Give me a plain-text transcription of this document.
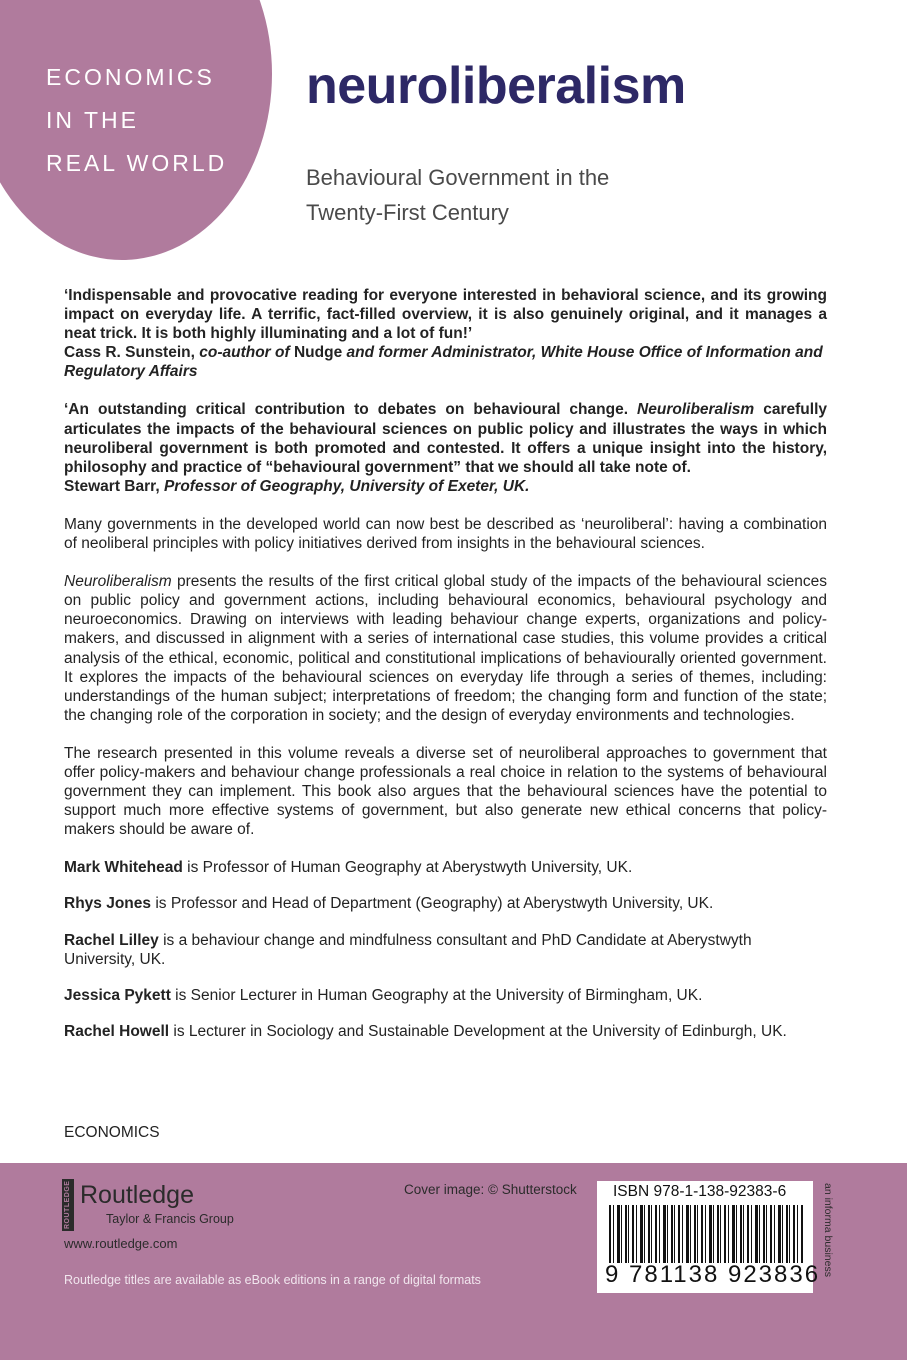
ECONOMICS
IN THE
REAL WORLD
neuroliberalism
Behavioural Government in the
Twenty-First Century

‘Indispensable and provocative reading for everyone interested in behavioral science, and its growing impact on everyday life. A terrific, fact-filled overview, it is also genuinely original, and it manages a neat trick. It is both highly illuminating and a lot of fun!’
Cass R. Sunstein, co-author of Nudge and former Administrator, White House Office of Information and Regulatory Affairs

‘An outstanding critical contribution to debates on behavioural change. Neuroliberalism carefully articulates the impacts of the behavioural sciences on public policy and illustrates the ways in which neuroliberal government is both promoted and contested. It offers a unique insight into the history, philosophy and practice of “behavioural government” that we should all take note of.
Stewart Barr, Professor of Geography, University of Exeter, UK.

Many governments in the developed world can now best be described as ‘neuroliberal’: having a combination of neoliberal principles with policy initiatives derived from insights in the behavioural sciences.

Neuroliberalism presents the results of the first critical global study of the impacts of the behavioural sciences on public policy and government actions, including behavioural economics, behavioural psychology and neuroeconomics. Drawing on interviews with leading behaviour change experts, organizations and policy-makers, and discussed in alignment with a series of international case studies, this volume provides a critical analysis of the ethical, economic, political and constitutional implications of behaviourally oriented government. It explores the impacts of the behavioural sciences on everyday life through a series of themes, including: understandings of the human subject; interpretations of freedom; the changing form and function of the state; the changing role of the corporation in society; and the design of everyday environments and technologies.

The research presented in this volume reveals a diverse set of neuroliberal approaches to government that offer policy-makers and behaviour change professionals a real choice in relation to the systems of behavioural government they can implement. This book also argues that the behavioural sciences have the potential to support much more effective systems of government, but also generate new ethical concerns that policy-makers should be aware of.

Mark Whitehead is Professor of Human Geography at Aberystwyth University, UK.

Rhys Jones is Professor and Head of Department (Geography) at Aberystwyth University, UK.

Rachel Lilley is a behaviour change and mindfulness consultant and PhD Candidate at Aberystwyth University, UK.

Jessica Pykett is Senior Lecturer in Human Geography at the University of Birmingham, UK.

Rachel Howell is Lecturer in Sociology and Sustainable Development at the University of Edinburgh, UK.

ECONOMICS
ROUTLEDGE Routledge
Taylor & Francis Group
www.routledge.com
Routledge titles are available as eBook editions in a range of digital formats
Cover image: © Shutterstock ISBN 978-1-138-92383-6
9 781138 923836 an informa business
